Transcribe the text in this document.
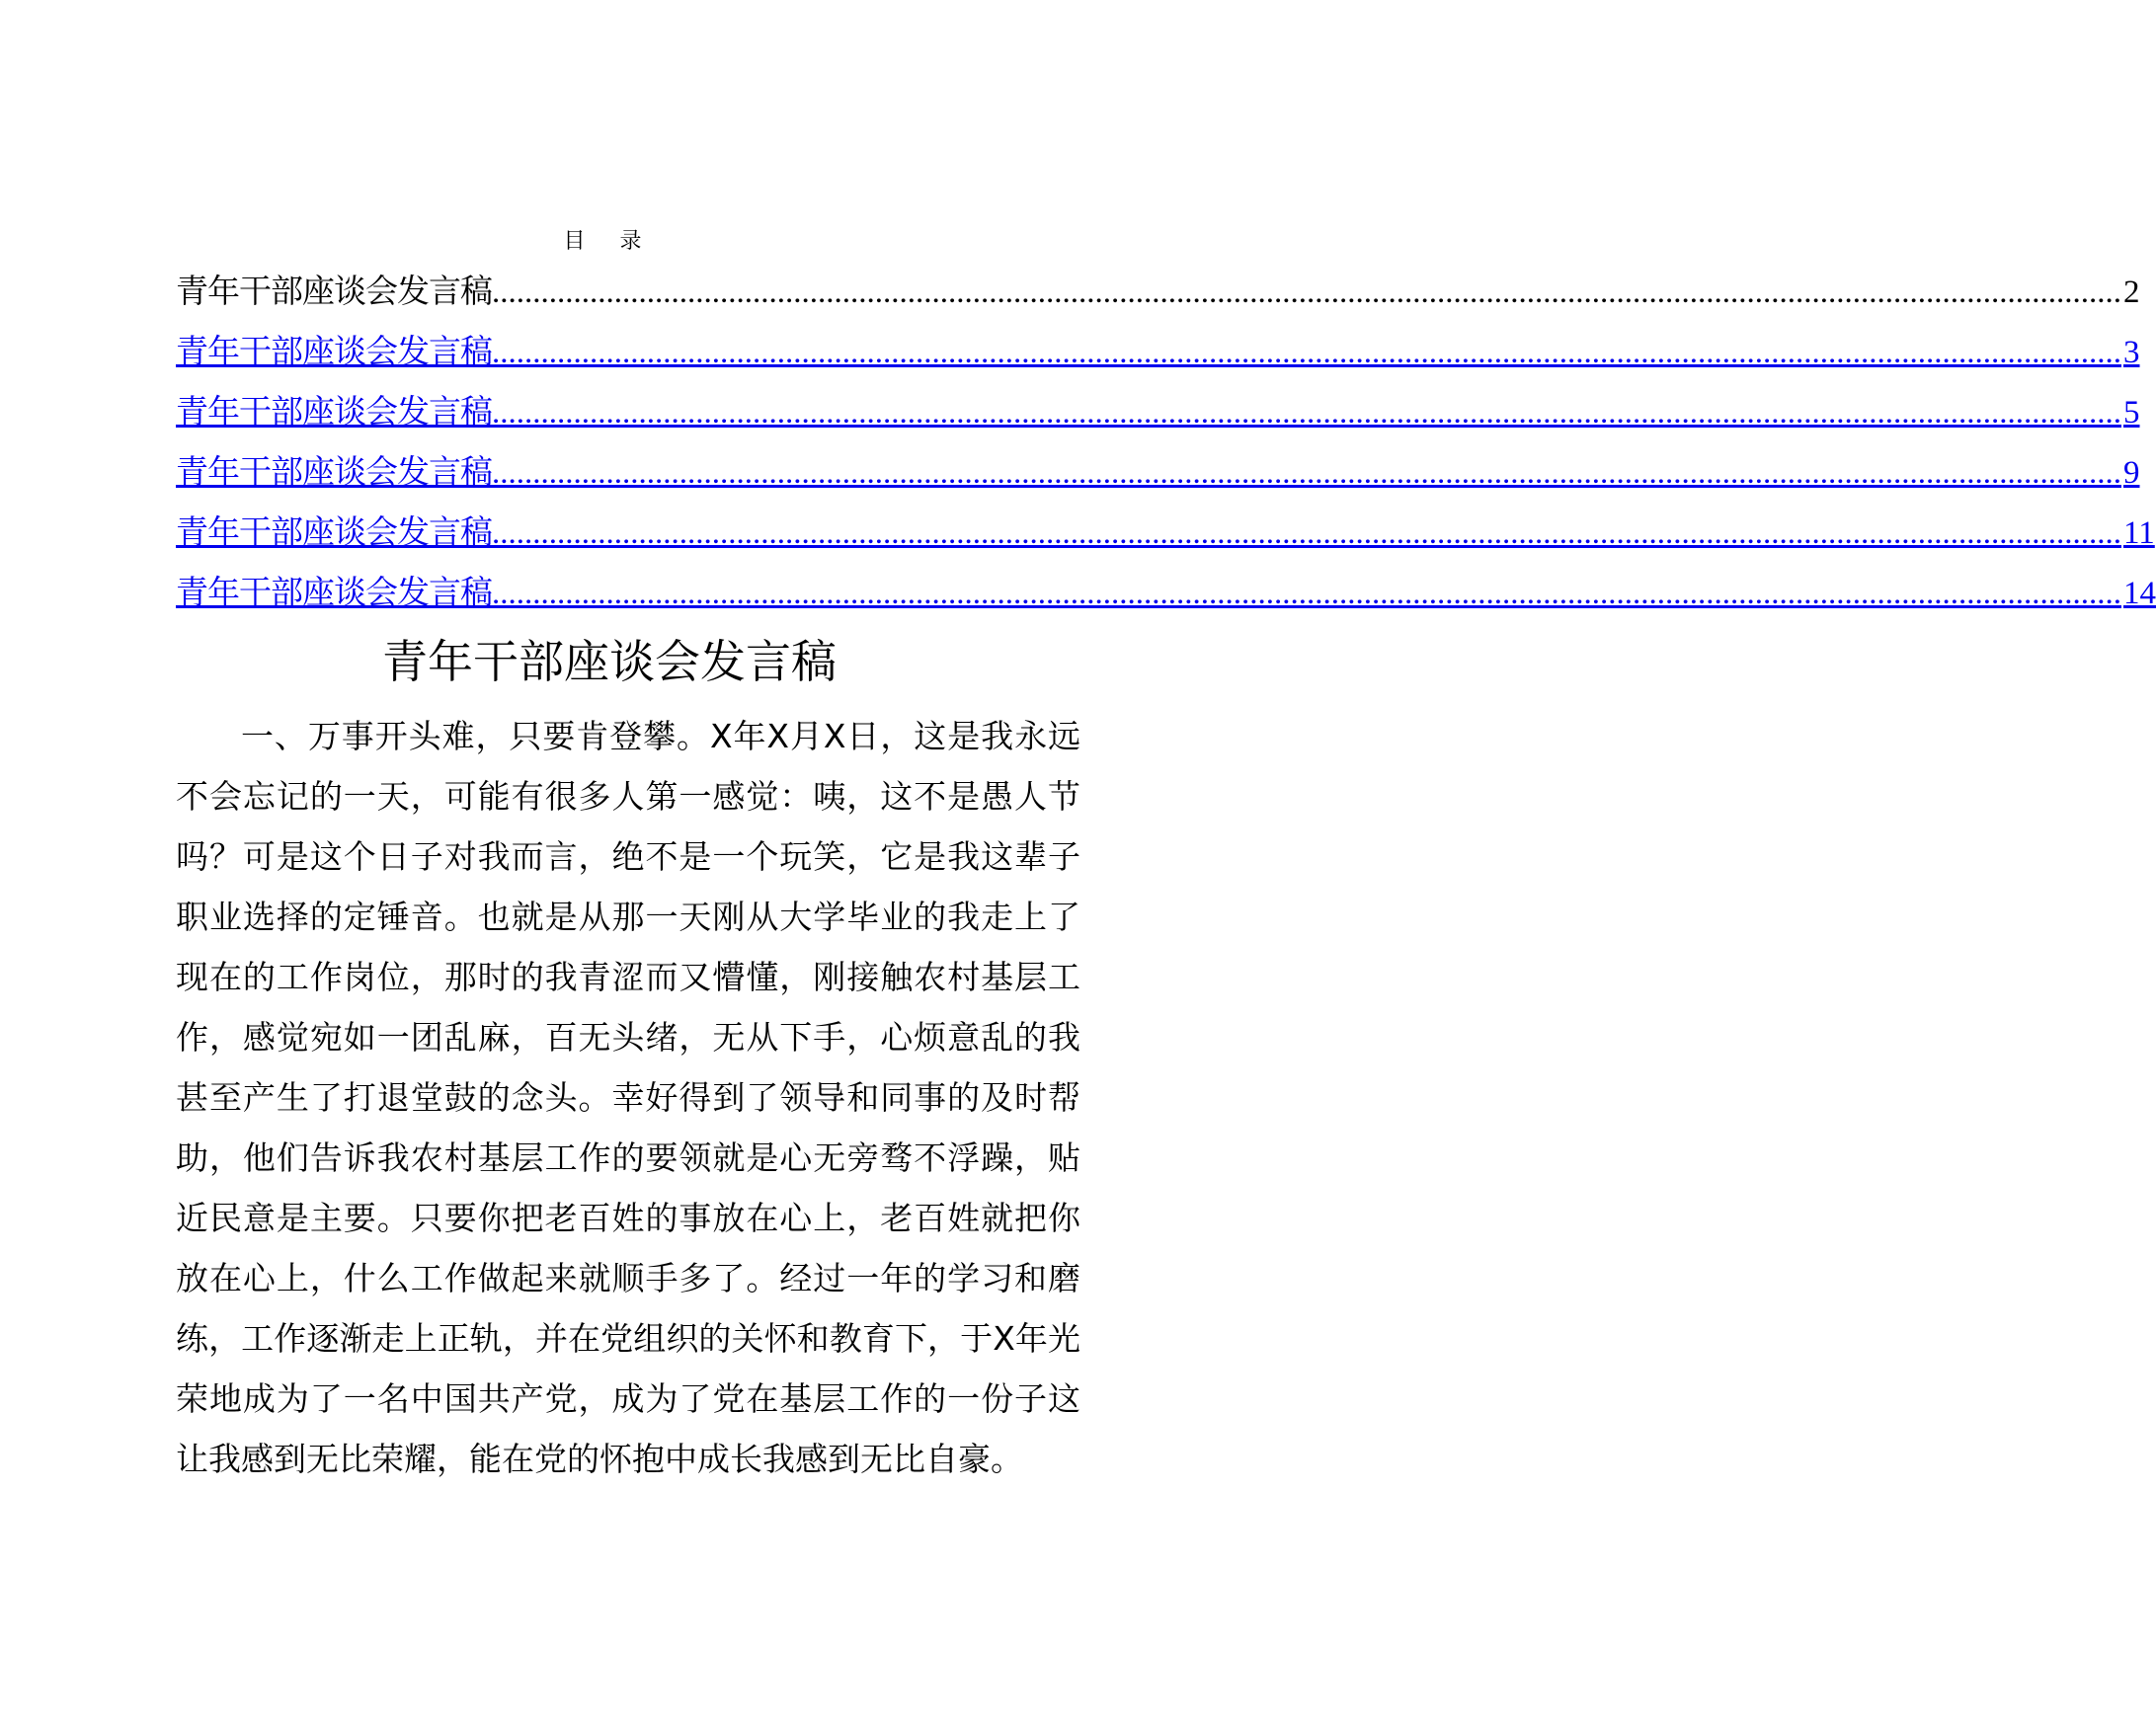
目 录
青年干部座谈会发言稿 ........................................................................................................................................................................................................ 2
青年干部座谈会发言稿 ........................................................................................................................................................................................................ 3
青年干部座谈会发言稿 ........................................................................................................................................................................................................ 5
青年干部座谈会发言稿 ........................................................................................................................................................................................................ 9
青年干部座谈会发言稿 ........................................................................................................................................................................................................ 11
青年干部座谈会发言稿 ........................................................................................................................................................................................................ 14
青年干部座谈会发言稿

一、万事开头难，只要肯登攀。X年X月X日，这是我永远不会忘记的一天，可能有很多人第一感觉：咦，这不是愚人节吗？可是这个日子对我而言，绝不是一个玩笑，它是我这辈子职业选择的定锤音。也就是从那一天刚从大学毕业的我走上了现在的工作岗位，那时的我青涩而又懵懂，刚接触农村基层工作，感觉宛如一团乱麻，百无头绪，无从下手，心烦意乱的我甚至产生了打退堂鼓的念头。幸好得到了领导和同事的及时帮助，他们告诉我农村基层工作的要领就是心无旁骛不浮躁，贴近民意是主要。只要你把老百姓的事放在心上，老百姓就把你放在心上，什么工作做起来就顺手多了。经过一年的学习和磨练，工作逐渐走上正轨，并在党组织的关怀和教育下，于X年光荣地成为了一名中国共产党，成为了党在基层工作的一份子这让我感到无比荣耀，能在党的怀抱中成长我感到无比自豪。
